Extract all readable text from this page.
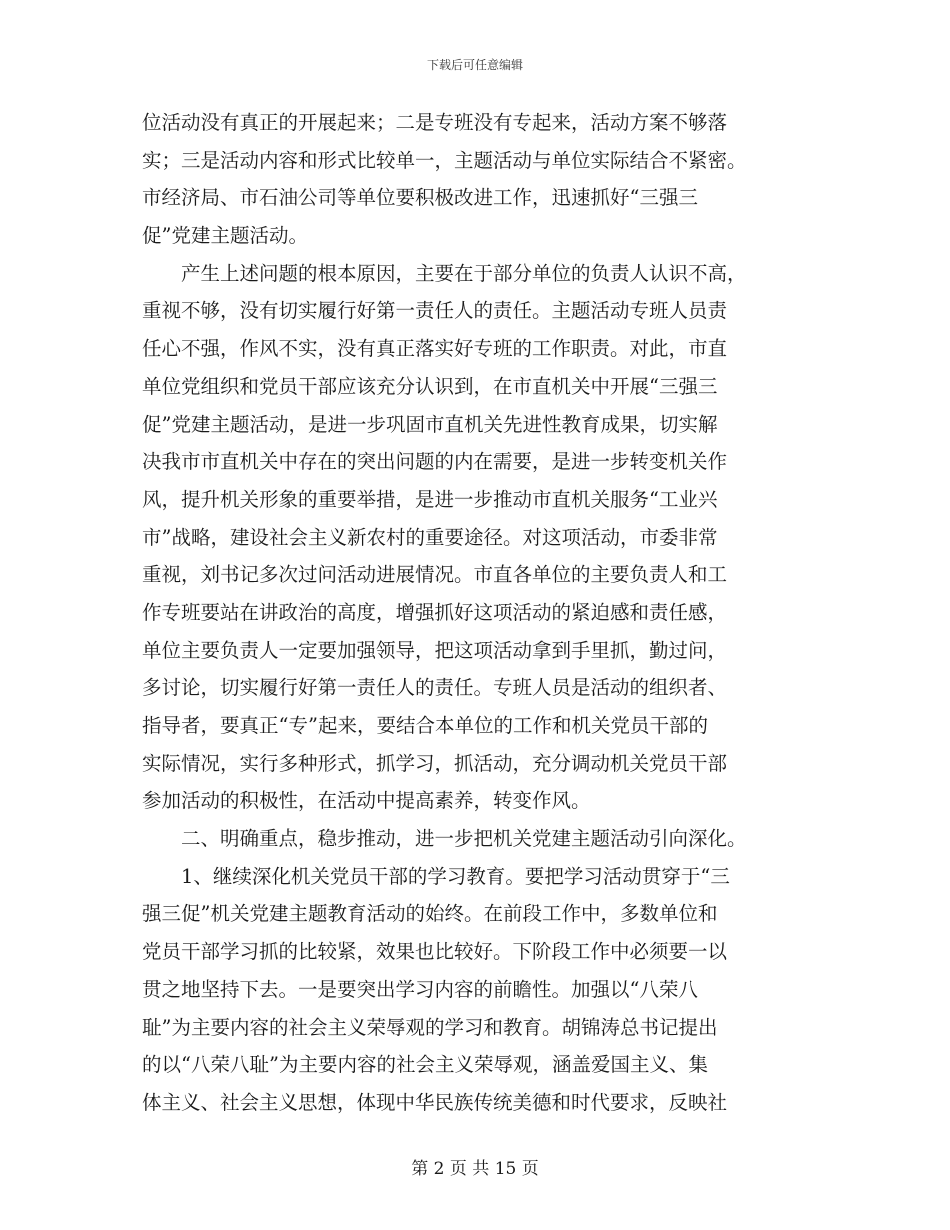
下载后可任意编辑
位活动没有真正的开展起来；二是专班没有专起来，活动方案不够落
实；三是活动内容和形式比较单一，主题活动与单位实际结合不紧密。
市经济局、市石油公司等单位要积极改进工作，迅速抓好“三强三
促”党建主题活动。
　　产生上述问题的根本原因，主要在于部分单位的负责人认识不高，
重视不够，没有切实履行好第一责任人的责任。主题活动专班人员责
任心不强，作风不实，没有真正落实好专班的工作职责。对此，市直
单位党组织和党员干部应该充分认识到，在市直机关中开展“三强三
促”党建主题活动，是进一步巩固市直机关先进性教育成果，切实解
决我市市直机关中存在的突出问题的内在需要，是进一步转变机关作
风，提升机关形象的重要举措，是进一步推动市直机关服务“工业兴
市”战略，建设社会主义新农村的重要途径。对这项活动，市委非常
重视，刘书记多次过问活动进展情况。市直各单位的主要负责人和工
作专班要站在讲政治的高度，增强抓好这项活动的紧迫感和责任感，
单位主要负责人一定要加强领导，把这项活动拿到手里抓，勤过问，
多讨论，切实履行好第一责任人的责任。专班人员是活动的组织者、
指导者，要真正“专”起来，要结合本单位的工作和机关党员干部的
实际情况，实行多种形式，抓学习，抓活动，充分调动机关党员干部
参加活动的积极性，在活动中提高素养，转变作风。
　　二、明确重点，稳步推动，进一步把机关党建主题活动引向深化。
　　1、继续深化机关党员干部的学习教育。要把学习活动贯穿于“三
强三促”机关党建主题教育活动的始终。在前段工作中，多数单位和
党员干部学习抓的比较紧，效果也比较好。下阶段工作中必须要一以
贯之地坚持下去。一是要突出学习内容的前瞻性。加强以“八荣八
耻”为主要内容的社会主义荣辱观的学习和教育。胡锦涛总书记提出
的以“八荣八耻”为主要内容的社会主义荣辱观，涵盖爱国主义、集
体主义、社会主义思想，体现中华民族传统美德和时代要求，反映社
第 2 页 共 15 页
